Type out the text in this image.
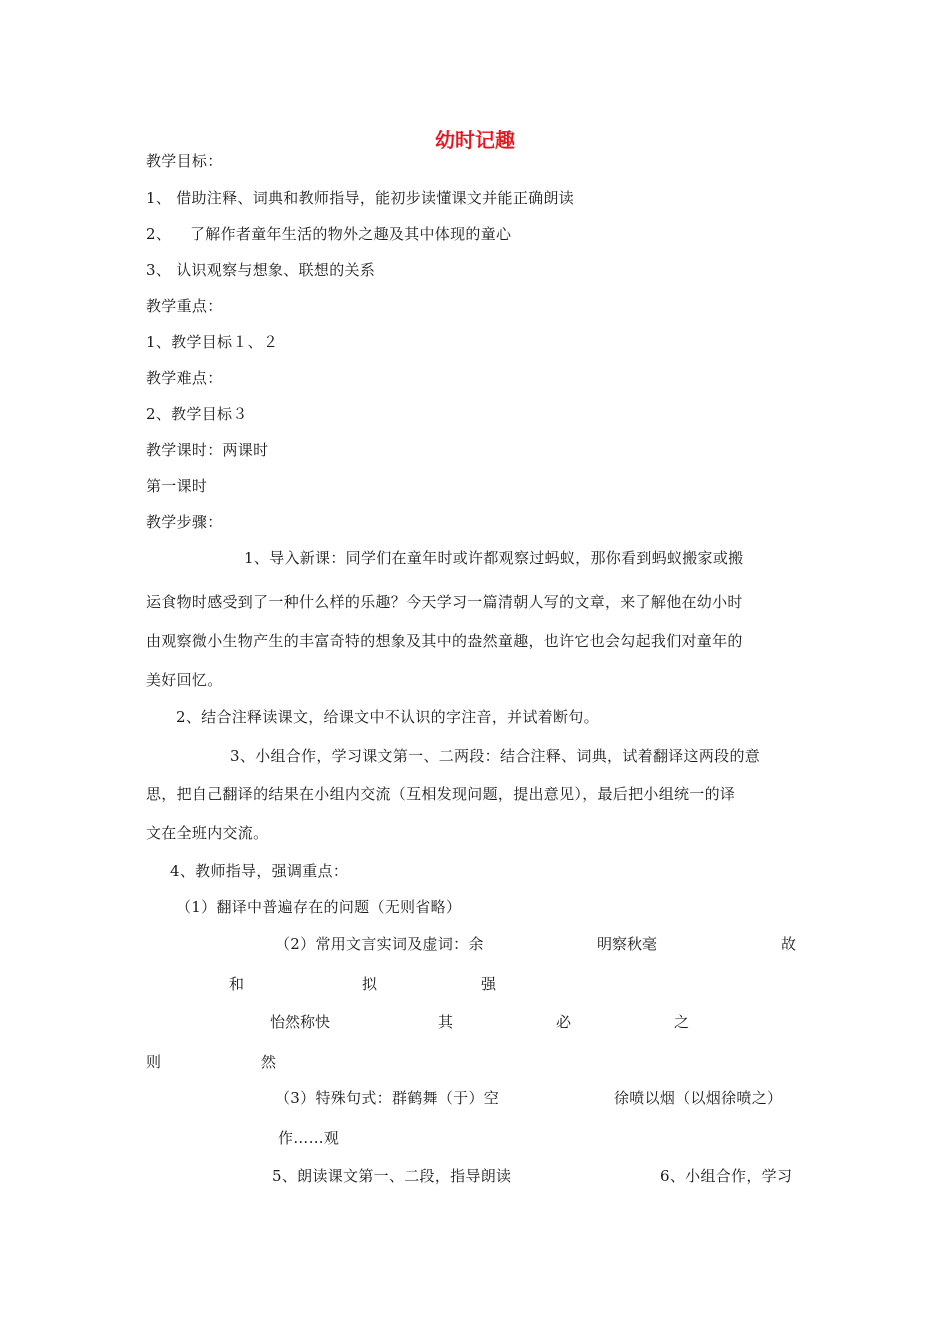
幼时记趣
教学目标：
1、 借助注释、词典和教师指导，能初步读懂课文并能正确朗读
2、 了解作者童年生活的物外之趣及其中体现的童心
3、 认识观察与想象、联想的关系
教学重点：
1、教学目标１、２
教学难点：
2、教学目标３
教学课时：两课时
第一课时
教学步骤：
1、导入新课：同学们在童年时或许都观察过蚂蚁，那你看到蚂蚁搬家或搬
运食物时感受到了一种什么样的乐趣？今天学习一篇清朝人写的文章，来了解他在幼小时
由观察微小生物产生的丰富奇特的想象及其中的盎然童趣，也许它也会勾起我们对童年的
美好回忆。
2、结合注释读课文，给课文中不认识的字注音，并试着断句。
3、小组合作，学习课文第一、二两段：结合注释、词典，试着翻译这两段的意
思，把自己翻译的结果在小组内交流（互相发现问题，提出意见），最后把小组统一的译
文在全班内交流。
4、教师指导，强调重点：
（1）翻译中普遍存在的问题（无则省略）
（2）常用文言实词及虚词：余	明察秋毫	故
和	拟	强
怡然称快	其	必	之
则	然
（3）特殊句式：群鹤舞（于）空	徐喷以烟（以烟徐喷之）
作……观
5、朗读课文第一、二段，指导朗读	6、小组合作，学习
